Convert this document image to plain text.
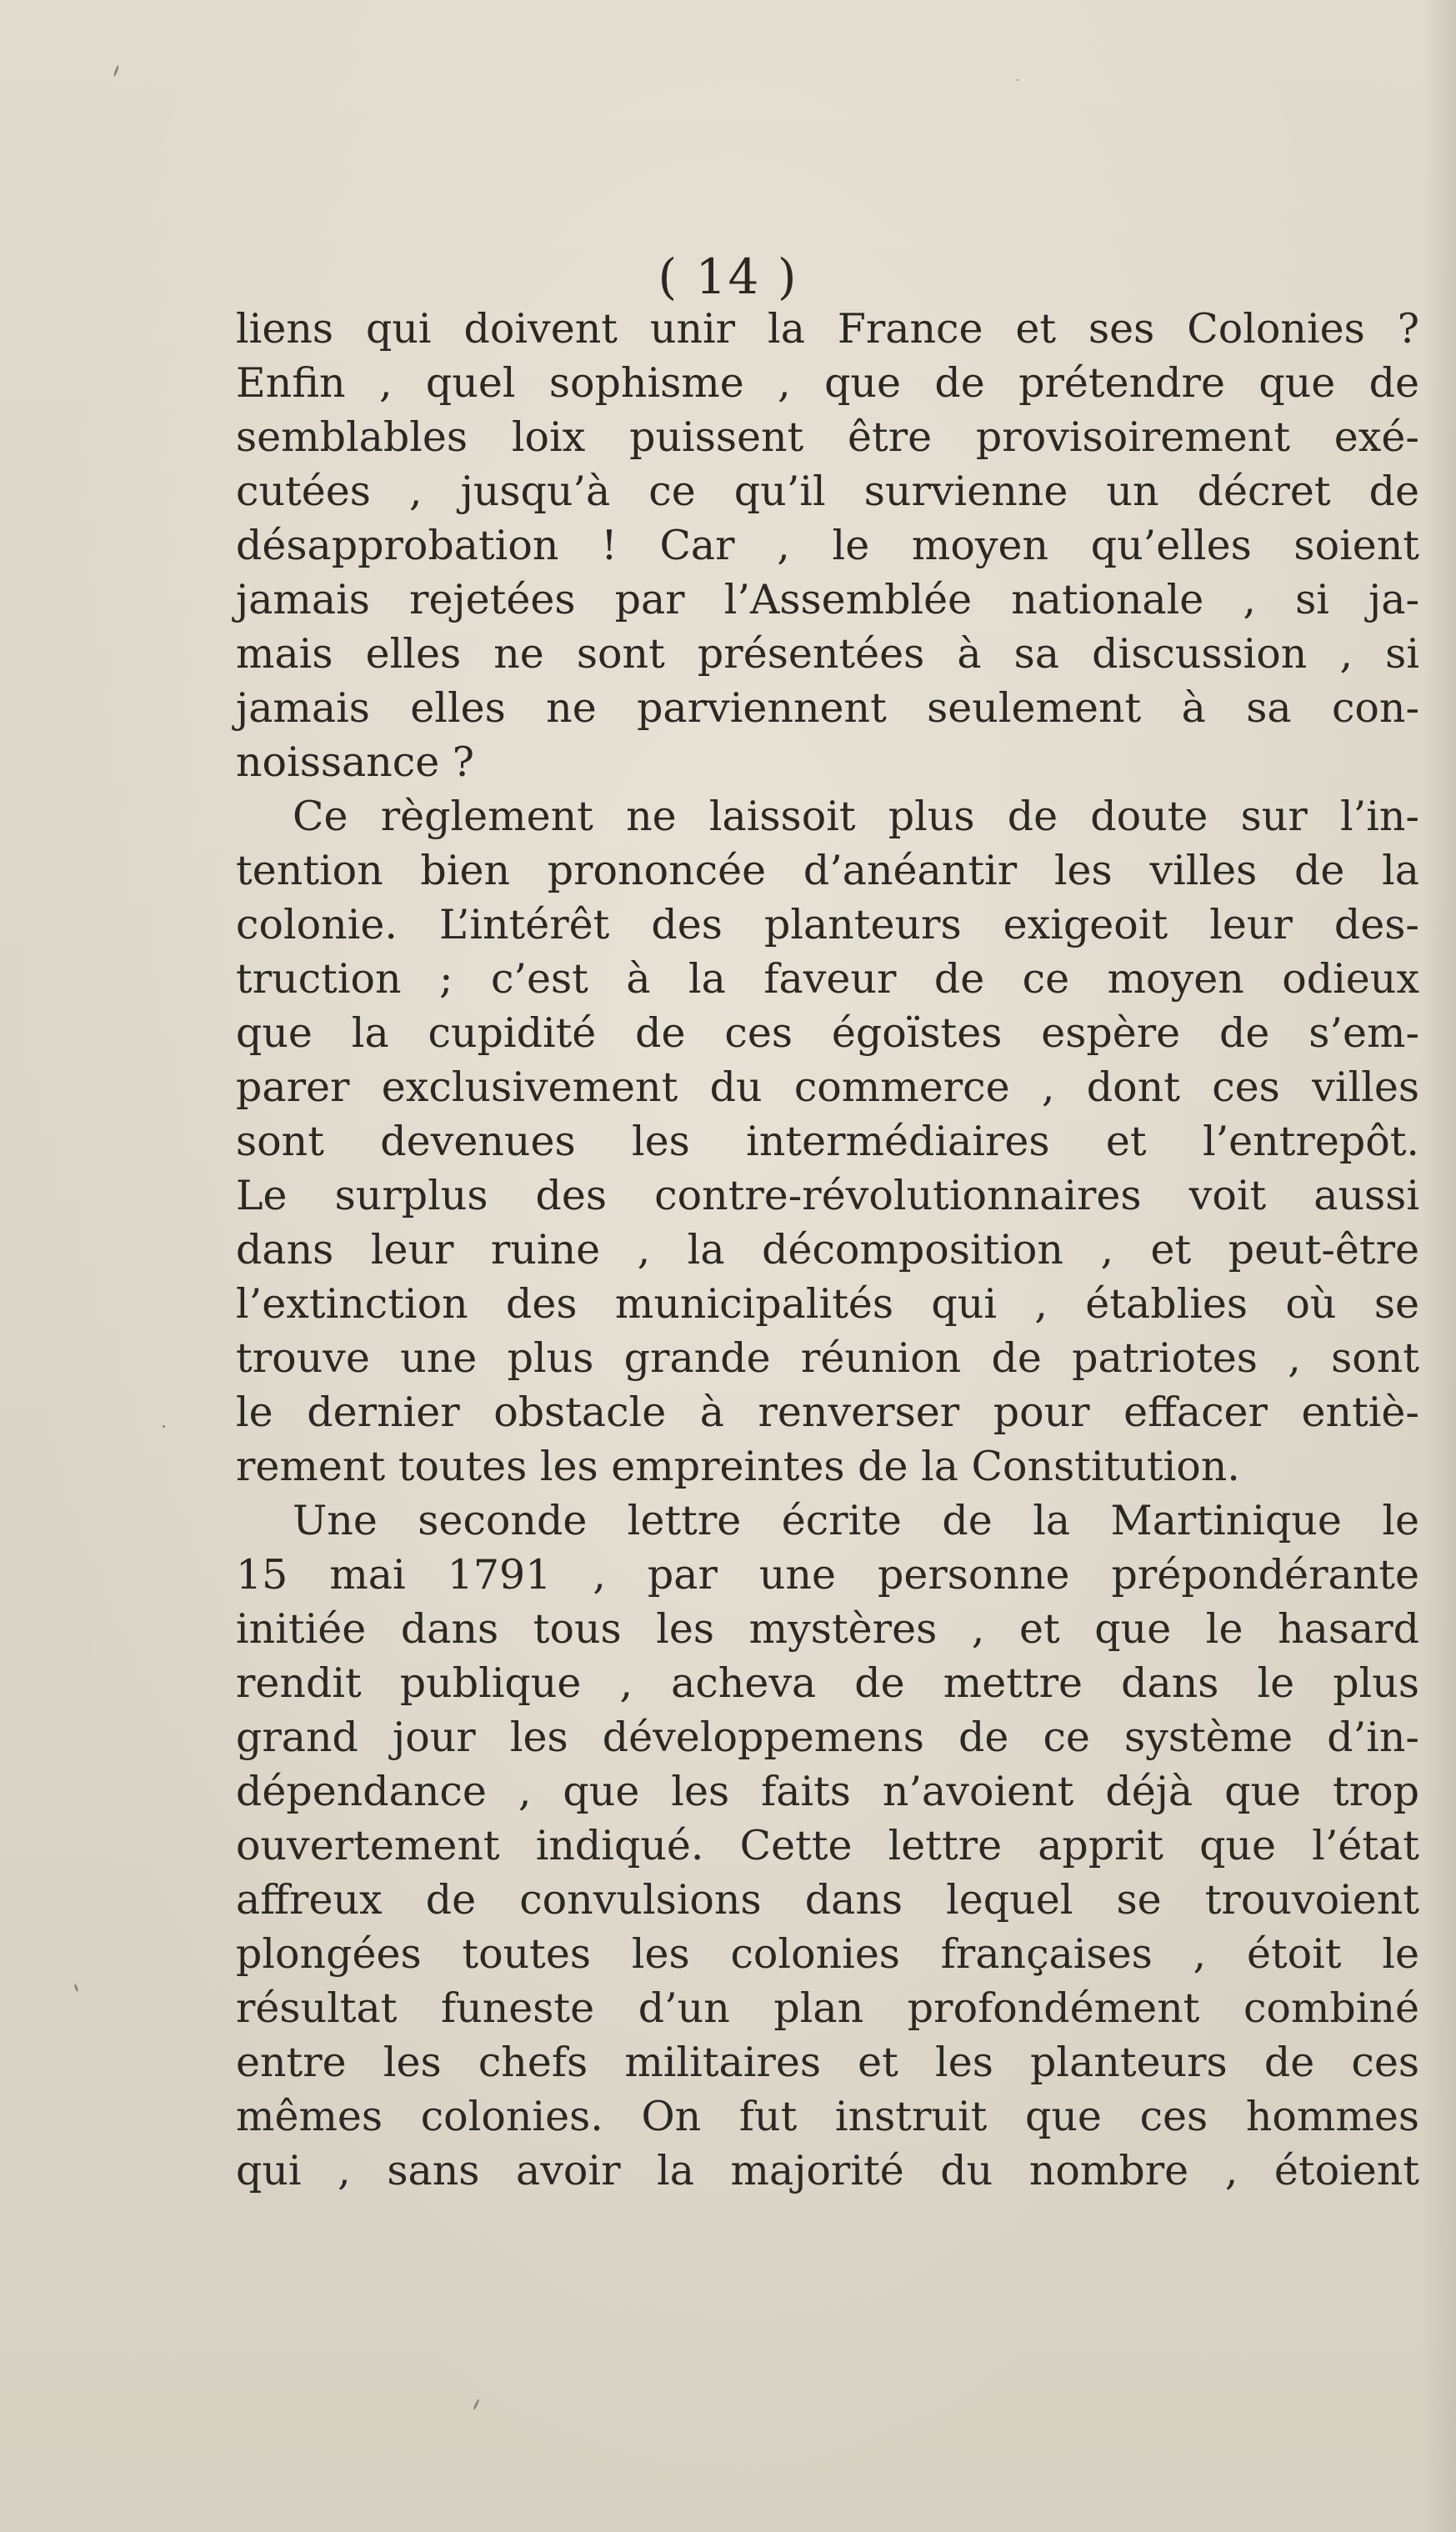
( 14 )
liens qui doivent unir la France et ses Colonies ?
Enfin , quel sophisme , que de prétendre que de
semblables loix puissent être provisoirement exé-
cutées , jusqu’à ce qu’il survienne un décret de
désapprobation ! Car , le moyen qu’elles soient
jamais rejetées par l’Assemblée nationale , si ja-
mais elles ne sont présentées à sa discussion , si
jamais elles ne parviennent seulement à sa con-
noissance ?
Ce règlement ne laissoit plus de doute sur l’in-
tention bien prononcée d’anéantir les villes de la
colonie. L’intérêt des planteurs exigeoit leur des-
truction ; c’est à la faveur de ce moyen odieux
que la cupidité de ces égoïstes espère de s’em-
parer exclusivement du commerce , dont ces villes
sont devenues les intermédiaires et l’entrepôt.
Le surplus des contre-révolutionnaires voit aussi
dans leur ruine , la décomposition , et peut-être
l’extinction des municipalités qui , établies où se
trouve une plus grande réunion de patriotes , sont
le dernier obstacle à renverser pour effacer entiè-
rement toutes les empreintes de la Constitution.
Une seconde lettre écrite de la Martinique le
15 mai 1791 , par une personne prépondérante
initiée dans tous les mystères , et que le hasard
rendit publique , acheva de mettre dans le plus
grand jour les développemens de ce système d’in-
dépendance , que les faits n’avoient déjà que trop
ouvertement indiqué. Cette lettre apprit que l’état
affreux de convulsions dans lequel se trouvoient
plongées toutes les colonies françaises , étoit le
résultat funeste d’un plan profondément combiné
entre les chefs militaires et les planteurs de ces
mêmes colonies. On fut instruit que ces hommes
qui , sans avoir la majorité du nombre , étoient
